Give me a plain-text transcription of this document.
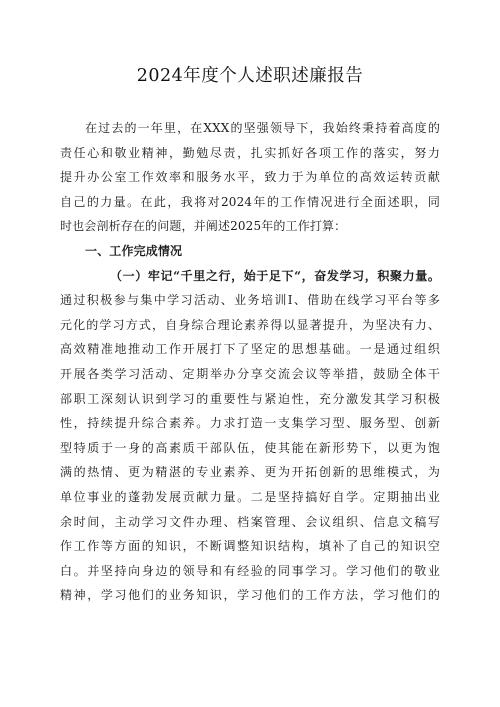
2024年度个人述职述廉报告
在过去的一年里，在XXX的坚强领导下，我始终秉持着高度的
责任心和敬业精神，勤勉尽责，扎实抓好各项工作的落实，努力
提升办公室工作效率和服务水平，致力于为单位的高效运转贡献
自己的力量。在此，我将对2024年的工作情况进行全面述职，同
时也会剖析存在的问题，并阐述2025年的工作打算：
一、工作完成情况
（一）牢记“千里之行，始于足下“，奋发学习，积聚力量。
通过积极参与集中学习活动、业务培训I、借助在线学习平台等多
元化的学习方式，自身综合理论素养得以显著提升，为坚决有力、
高效精准地推动工作开展打下了坚定的思想基础。一是通过组织
开展各类学习活动、定期举办分享交流会议等举措，鼓励全体干
部职工深刻认识到学习的重要性与紧迫性，充分激发其学习积极
性，持续提升综合素养。力求打造一支集学习型、服务型、创新
型特质于一身的高素质干部队伍，使其能在新形势下，以更为饱
满的热情、更为精湛的专业素养、更为开拓创新的思维模式，为
单位事业的蓬勃发展贡献力量。二是坚持搞好自学。定期抽出业
余时间，主动学习文件办理、档案管理、会议组织、信息文稿写
作工作等方面的知识，不断调整知识结构，填补了自己的知识空
白。并坚持向身边的领导和有经验的同事学习。学习他们的敬业
精神，学习他们的业务知识，学习他们的工作方法，学习他们的
